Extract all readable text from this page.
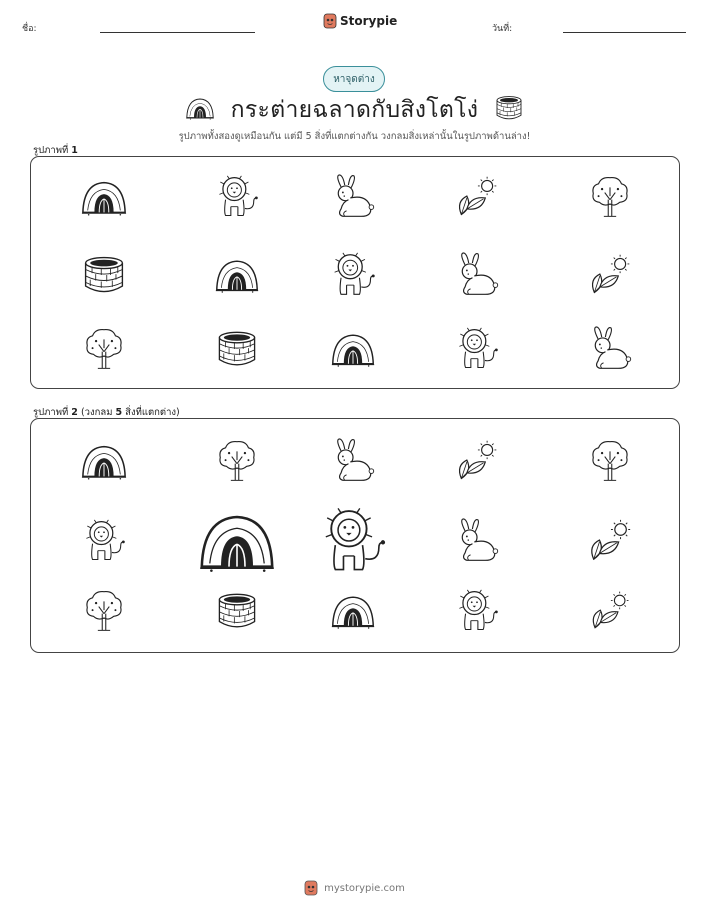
ชื่อ:
Storypie
วันที่:
หาจุดต่าง
กระต่ายฉลาดกับสิงโตโง่
รูปภาพทั้งสองดูเหมือนกัน แต่มี 5 สิ่งที่แตกต่างกัน วงกลมสิ่งเหล่านั้นในรูปภาพด้านล่าง!
รูปภาพที่ 1
รูปภาพที่ 2 (วงกลม 5 สิ่งที่แตกต่าง)
mystorypie.com
